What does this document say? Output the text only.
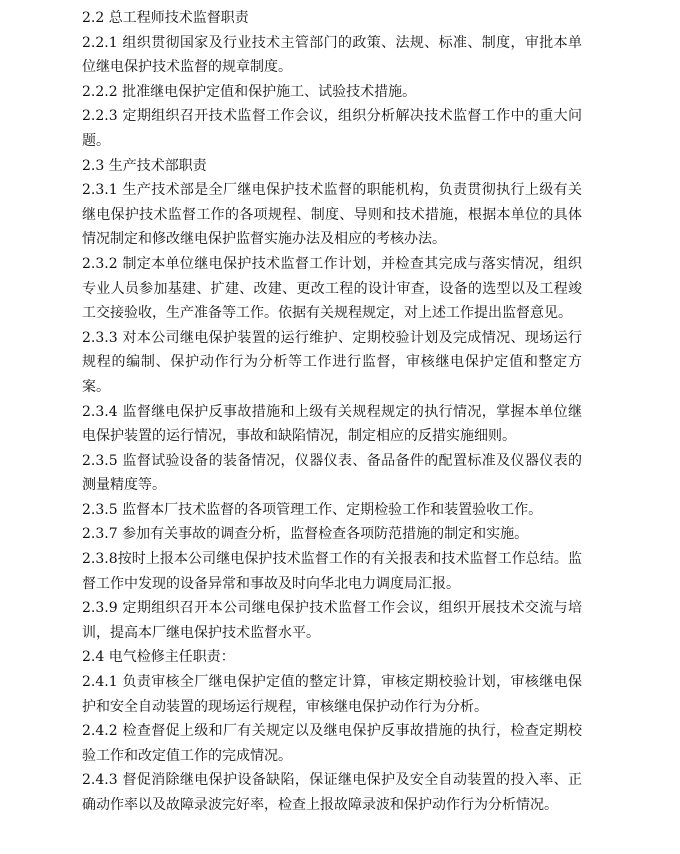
2.2 总工程师技术监督职责

2.2.1 组织贯彻国家及行业技术主管部门的政策、法规、标准、制度，审批本单位继电保护技术监督的规章制度。

2.2.2 批准继电保护定值和保护施工、试验技术措施。

2.2.3 定期组织召开技术监督工作会议，组织分析解决技术监督工作中的重大问题。

2.3 生产技术部职责

2.3.1 生产技术部是全厂继电保护技术监督的职能机构，负责贯彻执行上级有关继电保护技术监督工作的各项规程、制度、导则和技术措施，根据本单位的具体情况制定和修改继电保护监督实施办法及相应的考核办法。

2.3.2 制定本单位继电保护技术监督工作计划，并检查其完成与落实情况，组织专业人员参加基建、扩建、改建、更改工程的设计审查，设备的选型以及工程竣工交接验收，生产准备等工作。依据有关规程规定，对上述工作提出监督意见。

2.3.3 对本公司继电保护装置的运行维护、定期校验计划及完成情况、现场运行规程的编制、保护动作行为分析等工作进行监督，审核继电保护定值和整定方案。

2.3.4 监督继电保护反事故措施和上级有关规程规定的执行情况，掌握本单位继电保护装置的运行情况，事故和缺陷情况，制定相应的反措实施细则。

2.3.5 监督试验设备的装备情况，仪器仪表、备品备件的配置标准及仪器仪表的测量精度等。

2.3.5 监督本厂技术监督的各项管理工作、定期检验工作和装置验收工作。

2.3.7 参加有关事故的调查分析，监督检查各项防范措施的制定和实施。

2.3.8按时上报本公司继电保护技术监督工作的有关报表和技术监督工作总结。监督工作中发现的设备异常和事故及时向华北电力调度局汇报。

2.3.9 定期组织召开本公司继电保护技术监督工作会议，组织开展技术交流与培训，提高本厂继电保护技术监督水平。

2.4 电气检修主任职责：

2.4.1 负责审核全厂继电保护定值的整定计算，审核定期校验计划，审核继电保护和安全自动装置的现场运行规程，审核继电保护动作行为分析。

2.4.2 检查督促上级和厂有关规定以及继电保护反事故措施的执行，检查定期校验工作和改定值工作的完成情况。

2.4.3 督促消除继电保护设备缺陷，保证继电保护及安全自动装置的投入率、正确动作率以及故障录波完好率，检查上报故障录波和保护动作行为分析情况。
